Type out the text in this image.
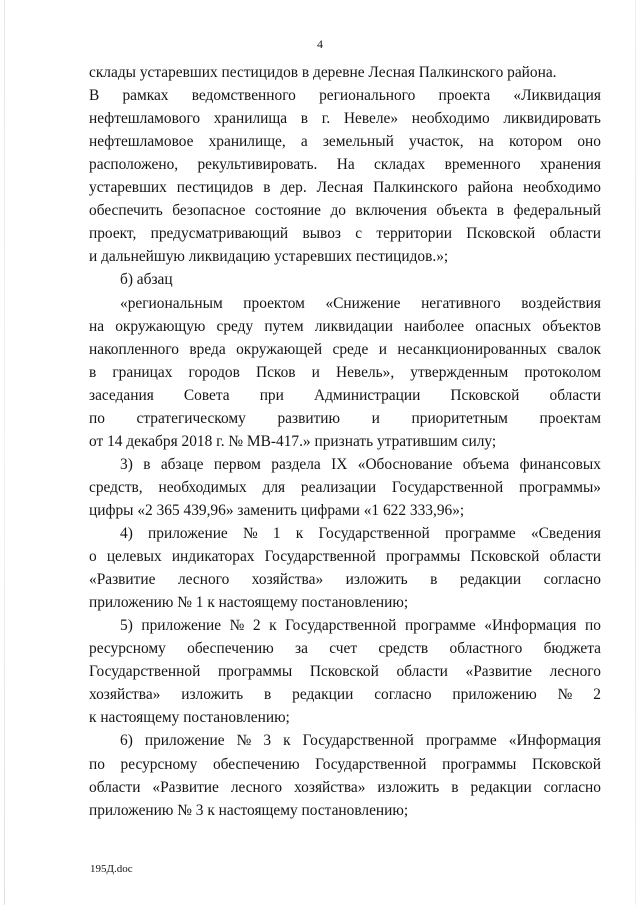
4
склады устаревших пестицидов в деревне Лесная Палкинского района.
В рамках ведомственного регионального проекта «Ликвидация
нефтешламового хранилища в г. Невеле» необходимо ликвидировать
нефтешламовое хранилище, а земельный участок, на котором оно
расположено, рекультивировать. На складах временного хранения
устаревших пестицидов в дер. Лесная Палкинского района необходимо
обеспечить безопасное состояние до включения объекта в федеральный
проект, предусматривающий вывоз с территории Псковской области
и дальнейшую ликвидацию устаревших пестицидов.»;
б) абзац
«региональным проектом «Снижение негативного воздействия
на окружающую среду путем ликвидации наиболее опасных объектов
накопленного вреда окружающей среде и несанкционированных свалок
в границах городов Псков и Невель», утвержденным протоколом
заседания Совета при Администрации Псковской области
по стратегическому развитию и приоритетным проектам
от 14 декабря 2018 г. № МВ-417.» признать утратившим силу;
3) в абзаце первом раздела IX «Обоснование объема финансовых
средств, необходимых для реализации Государственной программы»
цифры «2 365 439,96» заменить цифрами «1 622 333,96»;
4) приложение № 1 к Государственной программе «Сведения
о целевых индикаторах Государственной программы Псковской области
«Развитие лесного хозяйства» изложить в редакции согласно
приложению № 1 к настоящему постановлению;
5) приложение № 2 к Государственной программе «Информация по
ресурсному обеспечению за счет средств областного бюджета
Государственной программы Псковской области «Развитие лесного
хозяйства» изложить в редакции согласно приложению № 2
к настоящему постановлению;
6) приложение № 3 к Государственной программе «Информация
по ресурсному обеспечению Государственной программы Псковской
области «Развитие лесного хозяйства» изложить в редакции согласно
приложению № 3 к настоящему постановлению;
195Д.doc
